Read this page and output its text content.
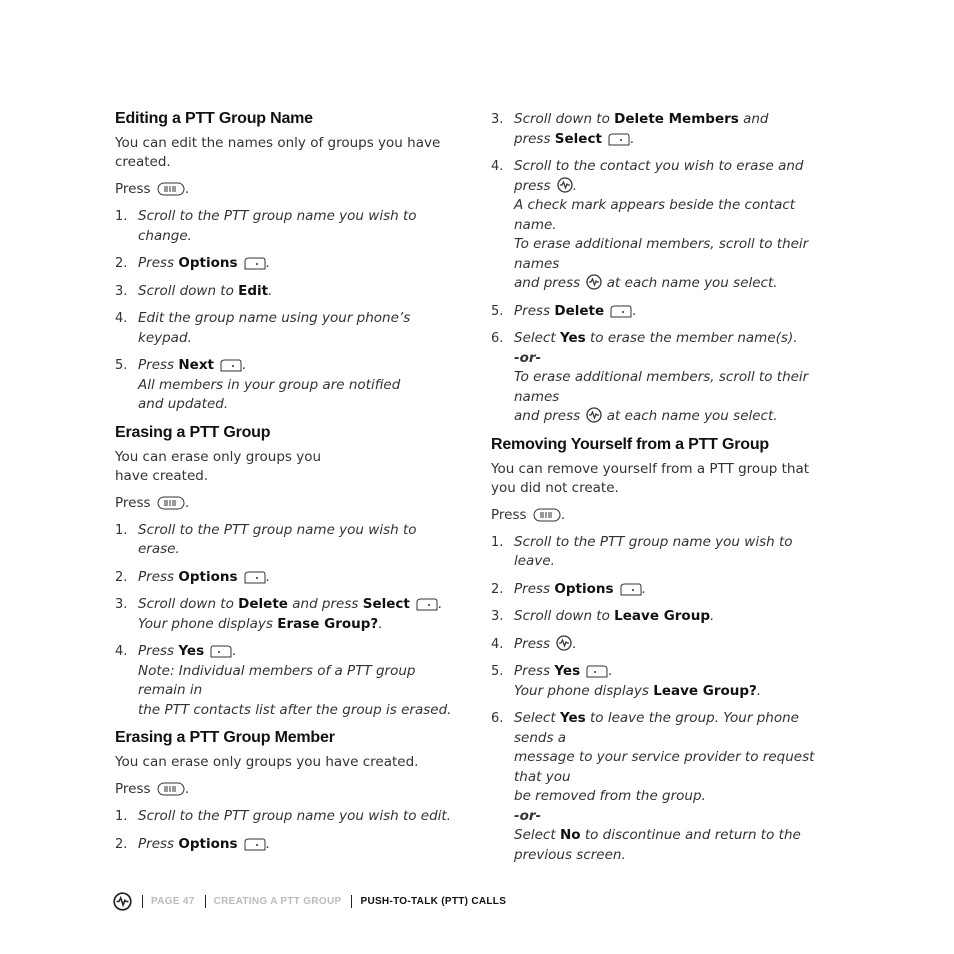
Editing a PTT Group Name

You can edit the names only of groups you have created.

Press	.

1. Scroll to the PTT group name you wish to change.
2. Press Options .
3. Scroll down to Edit.
4. Edit the group name using your phone’s keypad.
5. Press Next .
All members in your group are notified
and updated.
Erasing a PTT Group

You can erase only groups you
have created.

Press	.

1. Scroll to the PTT group name you wish to erase.
2. Press Options .
3. Scroll down to Delete and press Select .
Your phone displays Erase Group?.
4. Press Yes .
Note: Individual members of a PTT group remain in
the PTT contacts list after the group is erased.
Erasing a PTT Group Member

You can erase only groups you have created.

Press	.

1. Scroll to the PTT group name you wish to edit.
2. Press Options .
3. Scroll down to Delete Members and
press Select .
4. Scroll to the contact you wish to erase and press .
A check mark appears beside the contact name.
To erase additional members, scroll to their names
and press at each name you select.
5. Press Delete .
6. Select Yes to erase the member name(s).
-or-
To erase additional members, scroll to their names
and press at each name you select.
Removing Yourself from a PTT Group

You can remove yourself from a PTT group that you did not create.

Press	.

1. Scroll to the PTT group name you wish to leave.
2. Press Options .
3. Scroll down to Leave Group.
4. Press .
5. Press Yes .
Your phone displays Leave Group?.
6. Select Yes to leave the group. Your phone sends a
message to your service provider to request that you
be removed from the group.
-or-
Select No to discontinue and return to the
previous screen.
PAGE 47 CREATING A PTT GROUP PUSH-TO-TALK (PTT) CALLS
